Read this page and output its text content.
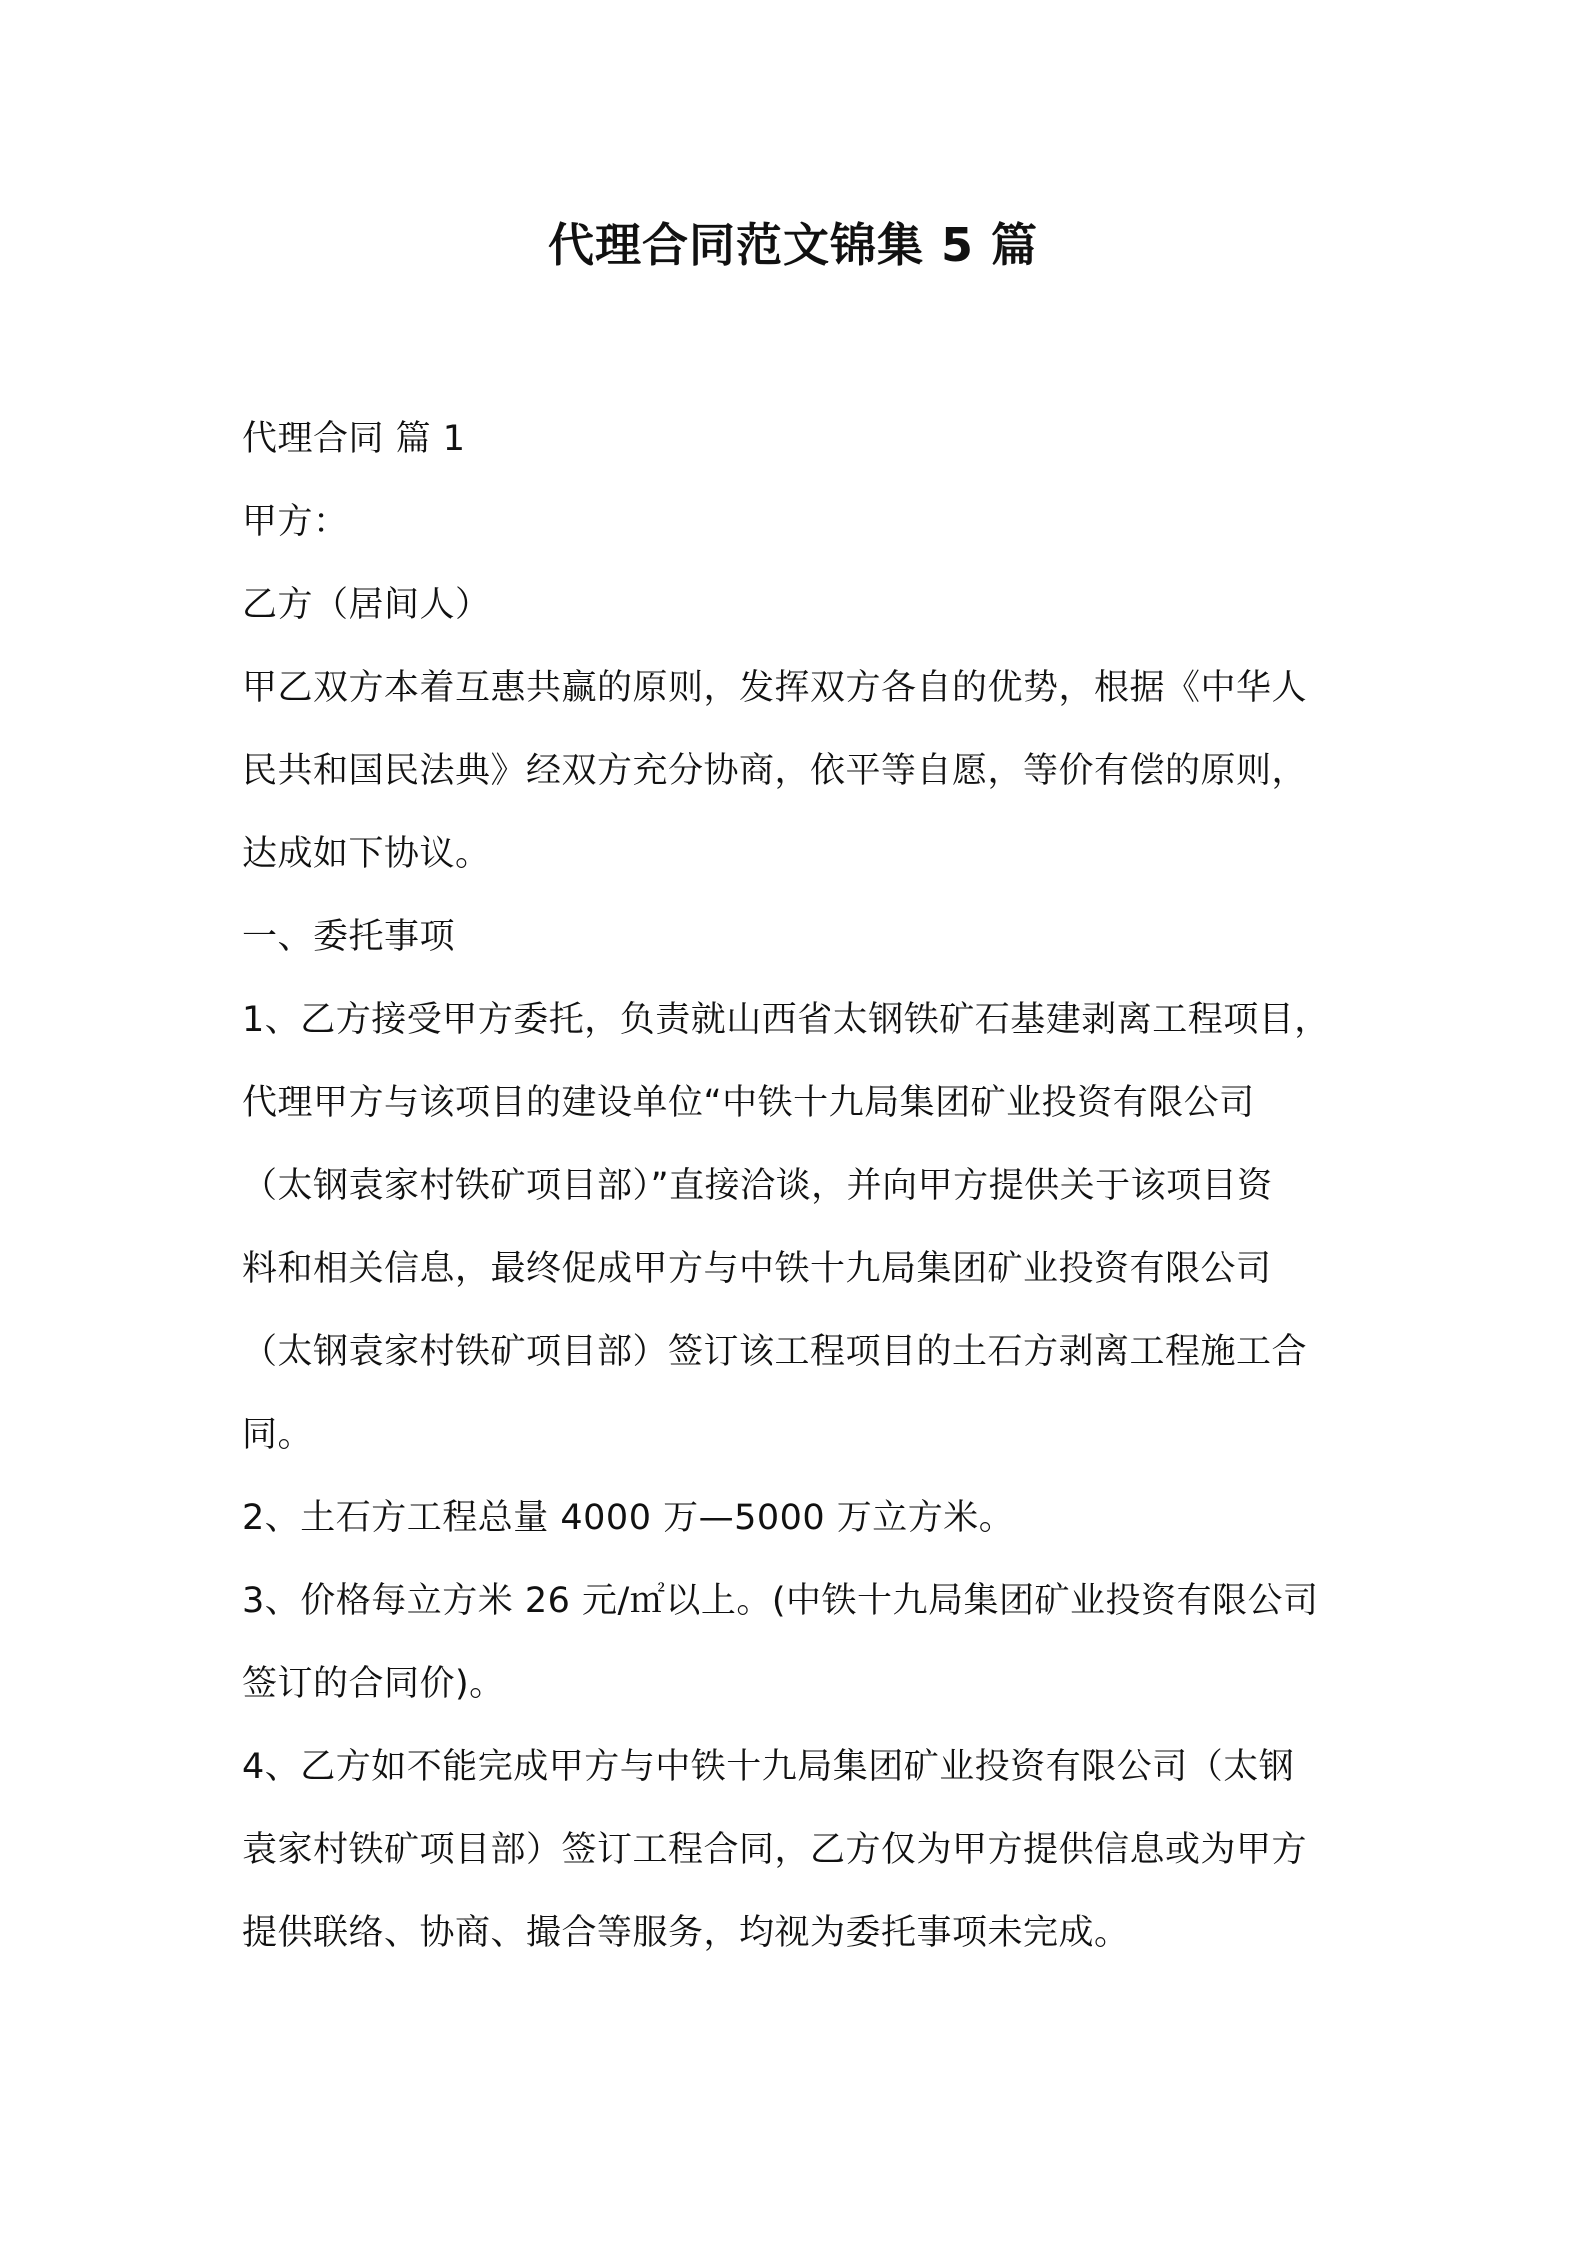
代理合同范文锦集 5 篇

代理合同 篇 1

甲方：

乙方（居间人）

甲乙双方本着互惠共赢的原则，发挥双方各自的优势，根据《中华人

民共和国民法典》经双方充分协商，依平等自愿，等价有偿的原则，

达成如下协议。

一、委托事项

1、乙方接受甲方委托，负责就山西省太钢铁矿石基建剥离工程项目，

代理甲方与该项目的建设单位“中铁十九局集团矿业投资有限公司

（太钢袁家村铁矿项目部）”直接洽谈，并向甲方提供关于该项目资

料和相关信息，最终促成甲方与中铁十九局集团矿业投资有限公司

（太钢袁家村铁矿项目部）签订该工程项目的土石方剥离工程施工合

同。

2、土石方工程总量 4000 万—5000 万立方米。

3、价格每立方米 26 元/㎡以上。(中铁十九局集团矿业投资有限公司

签订的合同价)。

4、乙方如不能完成甲方与中铁十九局集团矿业投资有限公司（太钢

袁家村铁矿项目部）签订工程合同，乙方仅为甲方提供信息或为甲方

提供联络、协商、撮合等服务，均视为委托事项未完成。
